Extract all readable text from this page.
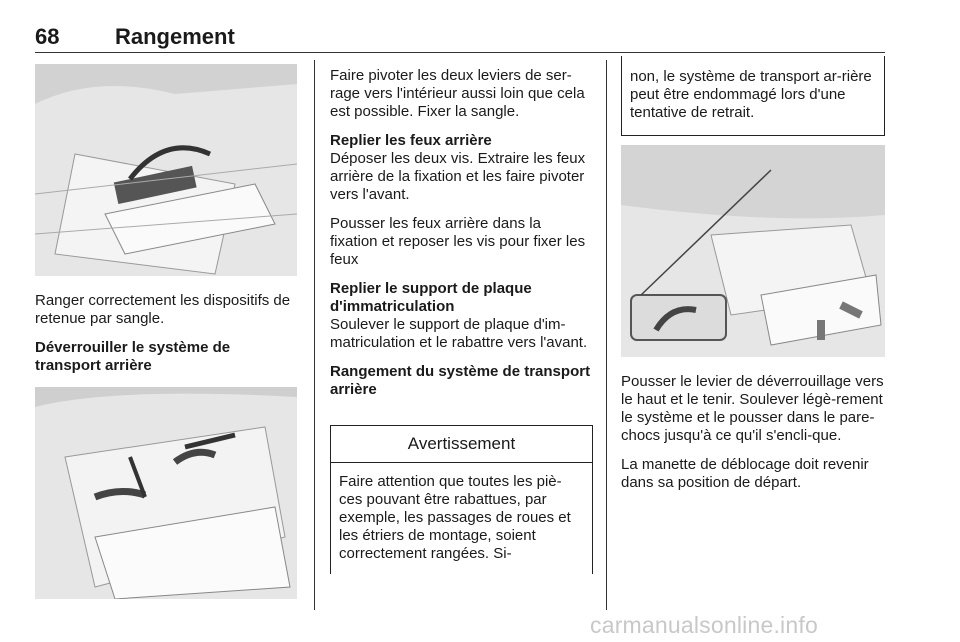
68	Rangement

Ranger correctement les dispositifs de retenue par sangle.

Déverrouiller le système de transport arrière

Faire pivoter les deux leviers de ser-rage vers l'intérieur aussi loin que cela est possible. Fixer la sangle.

Replier les feux arrière

Déposer les deux vis. Extraire les feux arrière de la fixation et les faire pivoter vers l'avant.

Pousser les feux arrière dans la fixation et reposer les vis pour fixer les feux

Replier le support de plaque d'immatriculation

Soulever le support de plaque d'im-matriculation et le rabattre vers l'avant.

Rangement du système de transport arrière

Avertissement
Faire attention que toutes les piè-ces pouvant être rabattues, par exemple, les passages de roues et les étriers de montage, soient correctement rangées. Si-
non, le système de transport ar-rière peut être endommagé lors d'une tentative de retrait.

Pousser le levier de déverrouillage vers le haut et le tenir. Soulever légè-rement le système et le pousser dans le pare-chocs jusqu'à ce qu'il s'encli-que.

La manette de déblocage doit revenir dans sa position de départ.

carmanualsonline.info
